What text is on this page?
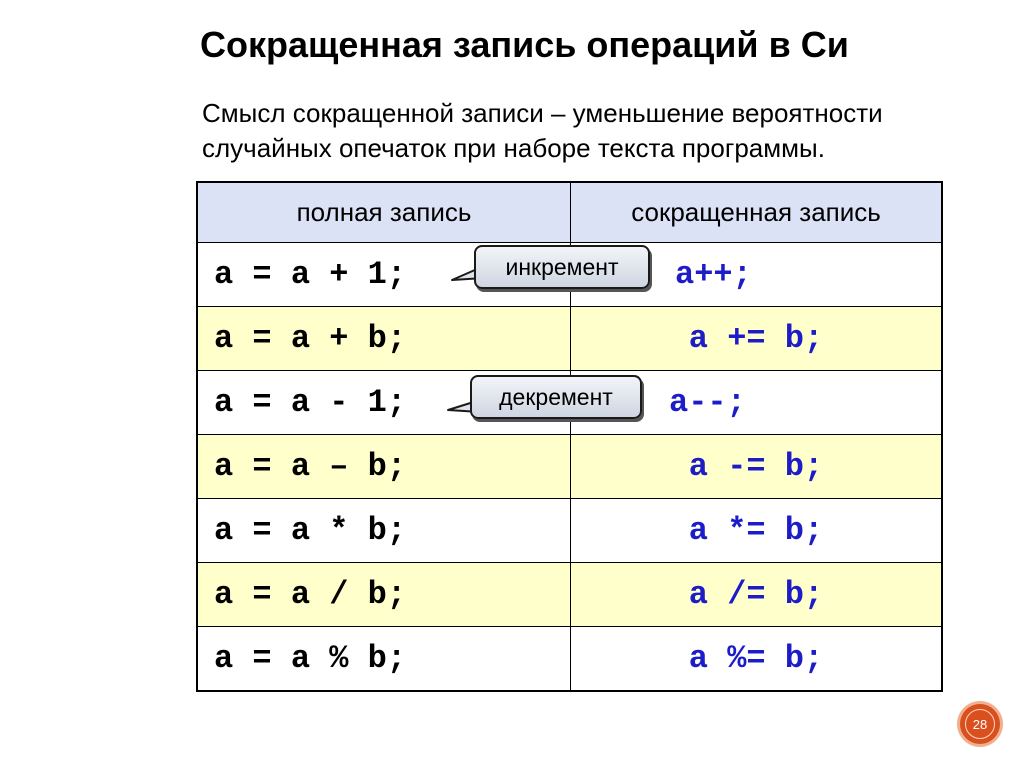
Сокращенная запись операций в Си
Смысл сокращенной записи – уменьшение вероятности случайных опечаток при наборе текста программы.
полная запись	сокращенная запись
a = a + 1;	a++;
a = a + b;	a += b;
a = a - 1;	a--;
a = a – b;	a -= b;
a = a * b;	a *= b;
a = a / b;	a /= b;
a = a % b;	a %= b;
инкремент
декремент
28
